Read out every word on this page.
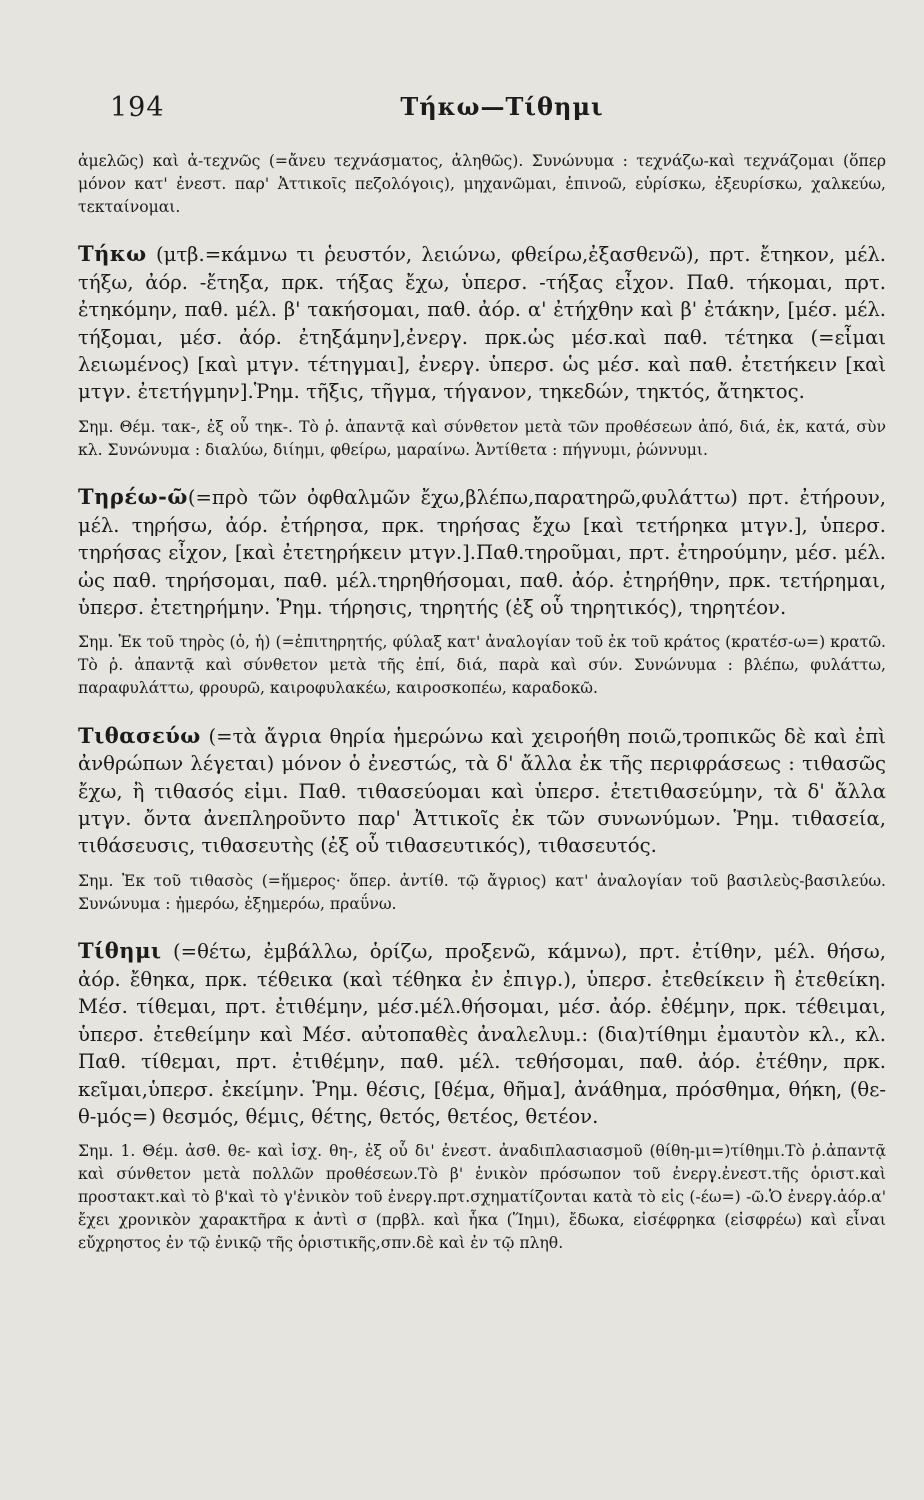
194	Τήκω—Τίθημι

ἀμελῶς) καὶ ἀ-τεχνῶς (=ἄνευ τεχνάσματος, ἀληθῶς). Συνώνυμα : τεχνάζω-καὶ τεχνάζομαι (ὅπερ μόνον κατ' ἐνεστ. παρ' Ἀττικοῖς πεζολόγοις), μηχανῶμαι, ἐπινοῶ, εὑρίσκω, ἐξευρίσκω, χαλκεύω, τεκταίνομαι.

Τήκω (μτβ.=κάμνω τι ῥευστόν, λειώνω, φθείρω,ἐξασθενῶ), πρτ. ἔτηκον, μέλ. τήξω, ἀόρ. -ἔτηξα, πρκ. τήξας ἔχω, ὑπερσ. -τήξας εἶχον. Παθ. τήκομαι, πρτ. ἐτηκόμην, παθ. μέλ. β' τακήσομαι, παθ. ἀόρ. α' ἐτήχθην καὶ β' ἐτάκην, [μέσ. μέλ. τήξομαι, μέσ. ἀόρ. ἐτηξάμην],ἐνεργ. πρκ.ὡς μέσ.καὶ παθ. τέτηκα (=εἶμαι λειωμένος) [καὶ μτγν. τέτηγμαι], ἐνεργ. ὑπερσ. ὡς μέσ. καὶ παθ. ἐτετήκειν [καὶ μτγν. ἐτετήγμην].Ῥημ. τῆξις, τῆγμα, τήγανον, τηκεδών, τηκτός, ἄτηκτος.

Σημ. Θέμ. τακ-, ἐξ οὗ τηκ-. Τὸ ῥ. ἀπαντᾷ καὶ σύνθετον μετὰ τῶν προθέσεων ἀπό, διά, ἐκ, κατά, σὺν κλ. Συνώνυμα : διαλύω, διίημι, φθείρω, μαραίνω. Ἀντίθετα : πήγνυμι, ῥώννυμι.

Τηρέω-ῶ(=πρὸ τῶν ὀφθαλμῶν ἔχω,βλέπω,παρατηρῶ,φυλάττω) πρτ. ἐτήρουν, μέλ. τηρήσω, ἀόρ. ἐτήρησα, πρκ. τηρήσας ἔχω [καὶ τετήρηκα μτγν.], ὑπερσ. τηρήσας εἶχον, [καὶ ἐτετηρήκειν μτγν.].Παθ.τηροῦμαι, πρτ. ἐτηρούμην, μέσ. μέλ. ὡς παθ. τηρήσομαι, παθ. μέλ.τηρηθήσομαι, παθ. ἀόρ. ἐτηρήθην, πρκ. τετήρημαι, ὑπερσ. ἐτετηρήμην. Ῥημ. τήρησις, τηρητής (ἐξ οὗ τηρητικός), τηρητέον.

Σημ. Ἐκ τοῦ τηρὸς (ὁ, ἡ) (=ἐπιτηρητής, φύλαξ κατ' ἀναλογίαν τοῦ ἐκ τοῦ κράτος (κρατέσ-ω=) κρατῶ. Τὸ ῥ. ἀπαντᾷ καὶ σύνθετον μετὰ τῆς ἐπί, διά, παρὰ καὶ σύν. Συνώνυμα : βλέπω, φυλάττω, παραφυλάττω, φρουρῶ, καιροφυλακέω, καιροσκοπέω, καραδοκῶ.

Τιθασεύω (=τὰ ἄγρια θηρία ἡμερώνω καὶ χειροήθη ποιῶ,τροπικῶς δὲ καὶ ἐπὶ ἀνθρώπων λέγεται) μόνον ὁ ἐνεστώς, τὰ δ' ἄλλα ἐκ τῆς περιφράσεως : τιθασῶς ἔχω, ἢ τιθασός εἰμι. Παθ. τιθασεύομαι καὶ ὑπερσ. ἐτετιθασεύμην, τὰ δ' ἄλλα μτγν. ὄντα ἀνεπληροῦντο παρ' Ἀττικοῖς ἐκ τῶν συνωνύμων. Ῥημ. τιθασεία, τιθάσευσις, τιθασευτὴς (ἐξ οὗ τιθασευτικός), τιθασευτός.

Σημ. Ἐκ τοῦ τιθασὸς (=ἥμερος· ὅπερ. ἀντίθ. τῷ ἄγριος) κατ' ἀναλογίαν τοῦ βασιλεὺς-βασιλεύω. Συνώνυμα : ἡμερόω, ἐξημερόω, πραΰνω.

Τίθημι (=θέτω, ἐμβάλλω, ὁρίζω, προξενῶ, κάμνω), πρτ. ἐτίθην, μέλ. θήσω, ἀόρ. ἔθηκα, πρκ. τέθεικα (καὶ τέθηκα ἐν ἐπιγρ.), ὑπερσ. ἐτεθείκειν ἢ ἐτεθείκη. Μέσ. τίθεμαι, πρτ. ἐτιθέμην, μέσ.μέλ.θήσομαι, μέσ. ἀόρ. ἐθέμην, πρκ. τέθειμαι, ὑπερσ. ἐτεθείμην καὶ Μέσ. αὐτοπαθὲς ἀναλελυμ.: (δια)τίθημι ἐμαυτὸν κλ., κλ. Παθ. τίθεμαι, πρτ. ἐτιθέμην, παθ. μέλ. τεθήσομαι, παθ. ἀόρ. ἐτέθην, πρκ. κεῖμαι,ὑπερσ. ἐκείμην. Ῥημ. θέσις, [θέμα, θῆμα], ἀνάθημα, πρόσθημα, θήκη, (θε-θ-μός=) θεσμός, θέμις, θέτης, θετός, θετέος, θετέον.

Σημ. 1. Θέμ. ἀσθ. θε- καὶ ἰσχ. θη-, ἐξ οὗ δι' ἐνεστ. ἀναδιπλασιασμοῦ (θίθη-μι=)τίθημι.Τὸ ῥ.ἀπαντᾷ καὶ σύνθετον μετὰ πολλῶν προθέσεων.Τὸ β' ἑνικὸν πρόσωπον τοῦ ἐνεργ.ἐνεστ.τῆς ὁριστ.καὶ προστακτ.καὶ τὸ β'καὶ τὸ γ'ἑνικὸν τοῦ ἐνεργ.πρτ.σχηματίζονται κατὰ τὸ εἰς (-έω=) -ῶ.Ὁ ἐνεργ.ἀόρ.α' ἔχει χρονικὸν χαρακτῆρα κ ἀντὶ σ (πρβλ. καὶ ἧκα (Ἵημι), ἔδωκα, εἰσέφρηκα (εἰσφρέω) καὶ εἶναι εὔχρηστος ἐν τῷ ἑνικῷ τῆς ὁριστικῆς,σπν.δὲ καὶ ἐν τῷ πληθ.
